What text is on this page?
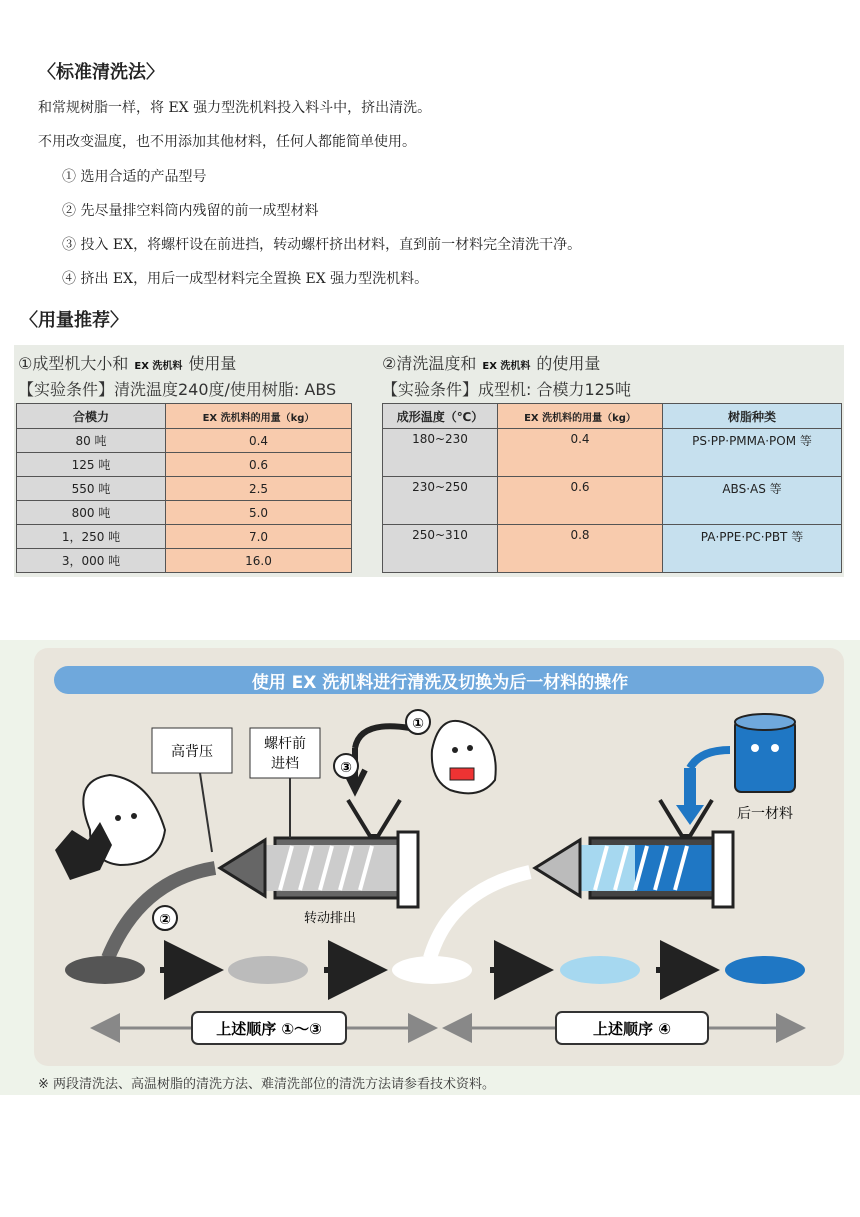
〈标准清洗法〉
和常规树脂一样，将 EX 强力型洗机料投入料斗中，挤出清洗。
不用改变温度，也不用添加其他材料，任何人都能简单使用。
① 选用合适的产品型号
② 先尽量排空料筒内残留的前一成型材料
③ 投入 EX，将螺杆设在前进挡，转动螺杆挤出材料，直到前一材料完全清洗干净。
④ 挤出 EX，用后一成型材料完全置换 EX 强力型洗机料。
〈用量推荐〉
①成型机大小和 EX 洗机料 使用量
【实验条件】清洗温度240度/使用树脂: ABS
合模力	EX 洗机料的用量（kg）
80 吨	0.4
125 吨	0.6
550 吨	2.5
800 吨	5.0
1，250 吨	7.0
3，000 吨	16.0
②清洗温度和 EX 洗机料 的使用量
【实验条件】成型机: 合模力125吨
成形温度（℃）	EX 洗机料的用量（kg）	树脂种类
180~230	0.4	PS·PP·PMMA·POM 等
230~250	0.6	ABS·AS 等
250~310	0.8	PA·PPE·PC·PBT 等
使用 EX 洗机料进行清洗及切换为后一材料的操作
高背压	螺杆前
进档
转动排出
①
②
③
后一材料
上述顺序 ①～③	上述顺序 ④
※ 两段清洗法、高温树脂的清洗方法、难清洗部位的清洗方法请参看技术资料。
